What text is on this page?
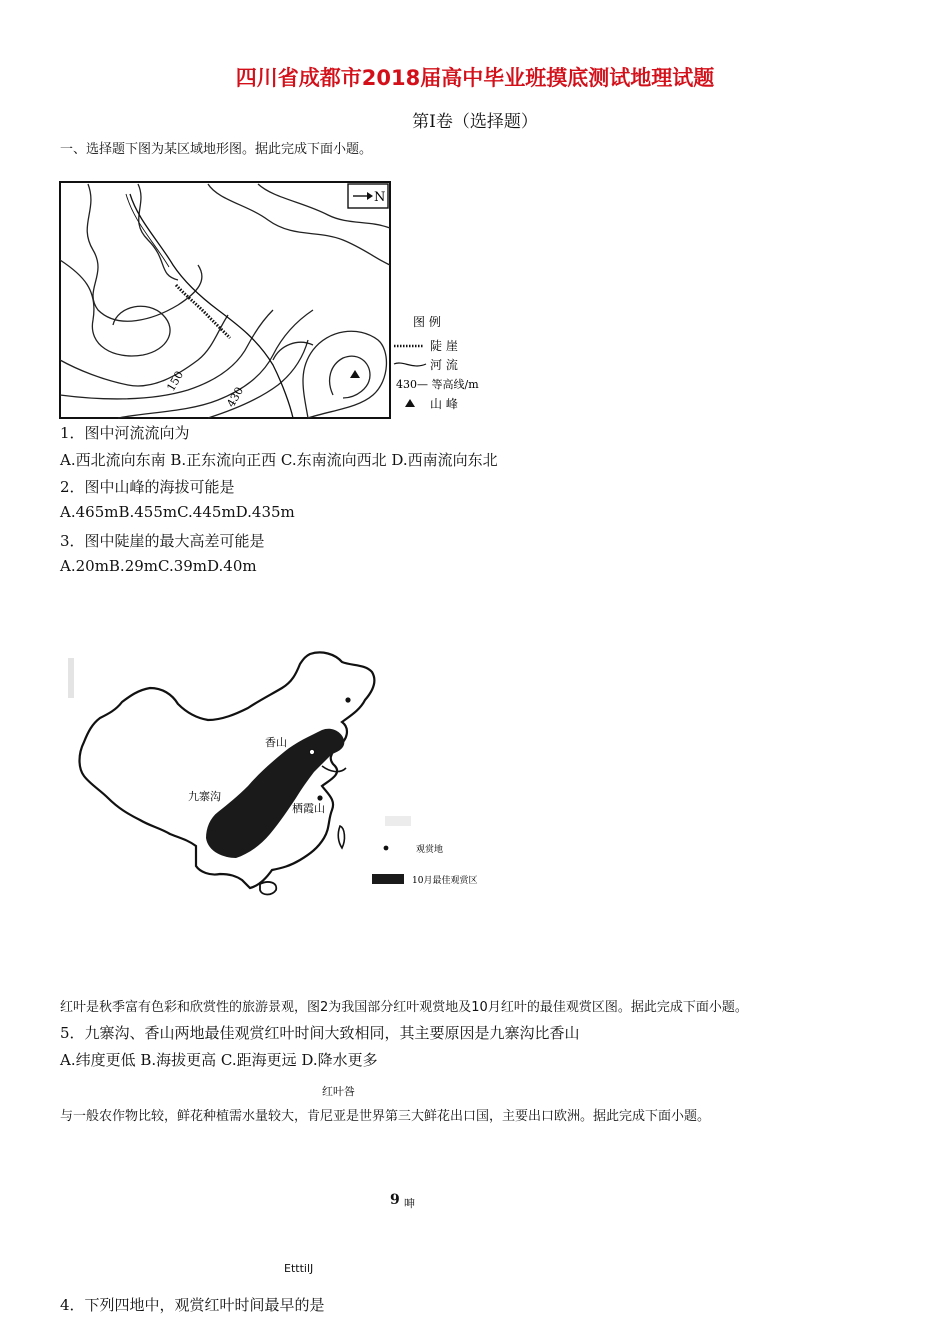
四川省成都市2018届高中毕业班摸底测试地理试题
第Ⅰ卷（选择题）
一、选择题下图为某区域地形图。据此完成下面小题。
N
150
430
图 例
陡 崖
河 流
430— 等高线/m
山 峰
1．图中河流流向为
A.西北流向东南 B.正东流向正西 C.东南流向西北 D.西南流向东北
2．图中山峰的海拔可能是
A.465mB.455mC.445mD.435m
3．图中陡崖的最大高差可能是
A.20mB.29mC.39mD.40m
香山
九寨沟
栖霞山
观赏地
10月最佳观赏区
红叶是秋季富有色彩和欣赏性的旅游景观，图2为我国部分红叶观赏地及10月红叶的最佳观赏区图。据此完成下面小题。
5．九寨沟、香山两地最佳观赏红叶时间大致相同，其主要原因是九寨沟比香山
A.纬度更低 B.海拔更高 C.距海更远 D.降水更多
红叶咎
与一般农作物比较，鲜花种植需水量较大，肯尼亚是世界第三大鲜花出口国，主要出口欧洲。据此完成下面小题。
9 呻
EtttilJ
4．下列四地中，观赏红叶时间最早的是
